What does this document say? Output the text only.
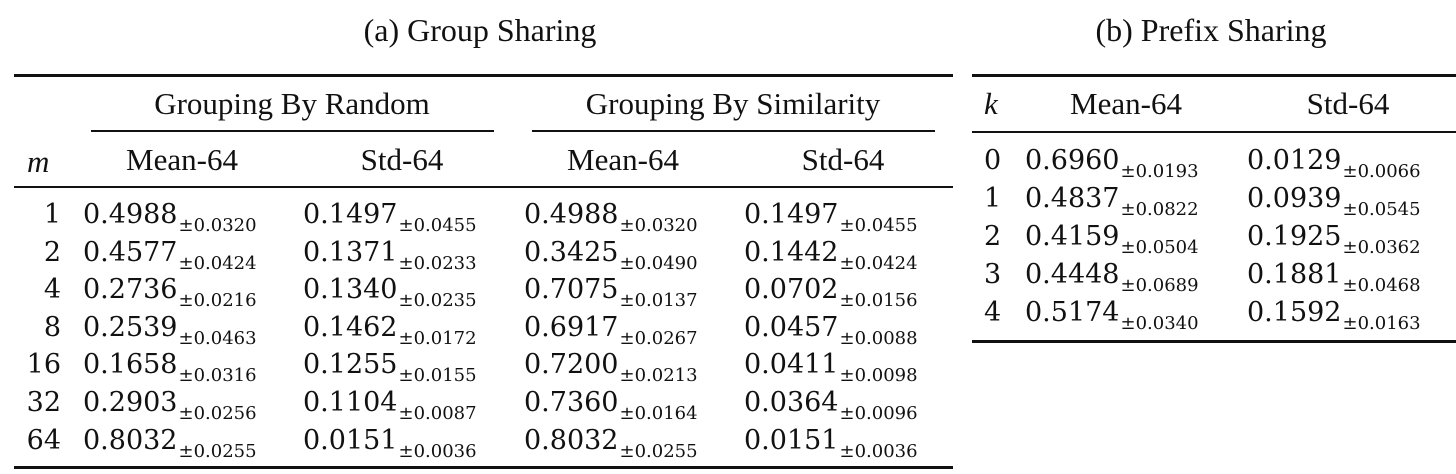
(a) Group Sharing
Grouping By Random	Grouping By Similarity
m Mean-64	Std-64	Mean-64	Std-64
1 $0.4988_{\pm 0.0320}$ $0.1497_{\pm 0.0455}$ $0.4988_{\pm 0.0320}$ $0.1497_{\pm 0.0455}$
2 $0.4577_{\pm 0.0424}$ $0.1371_{\pm 0.0233}$ $0.3425_{\pm 0.0490}$ $0.1442_{\pm 0.0424}$
4 $0.2736_{\pm 0.0216}$ $0.1340_{\pm 0.0235}$ $0.7075_{\pm 0.0137}$ $0.0702_{\pm 0.0156}$
8 $0.2539_{\pm 0.0463}$ $0.1462_{\pm 0.0172}$ $0.6917_{\pm 0.0267}$ $0.0457_{\pm 0.0088}$
16 $0.1658_{\pm 0.0316}$ $0.1255_{\pm 0.0155}$ $0.7200_{\pm 0.0213}$ $0.0411_{\pm 0.0098}$
32 $0.2903_{\pm 0.0256}$ $0.1104_{\pm 0.0087}$ $0.7360_{\pm 0.0164}$ $0.0364_{\pm 0.0096}$
64 $0.8032_{\pm 0.0255}$ $0.0151_{\pm 0.0036}$ $0.8032_{\pm 0.0255}$ $0.0151_{\pm 0.0036}$
(b) Prefix Sharing
k Mean-64	Std-64
0 $0.6960_{\pm 0.0193}$ $0.0129_{\pm 0.0066}$
1 $0.4837_{\pm 0.0822}$ $0.0939_{\pm 0.0545}$
2 $0.4159_{\pm 0.0504}$ $0.1925_{\pm 0.0362}$
3 $0.4448_{\pm 0.0689}$ $0.1881_{\pm 0.0468}$
4 $0.5174_{\pm 0.0340}$ $0.1592_{\pm 0.0163}$
